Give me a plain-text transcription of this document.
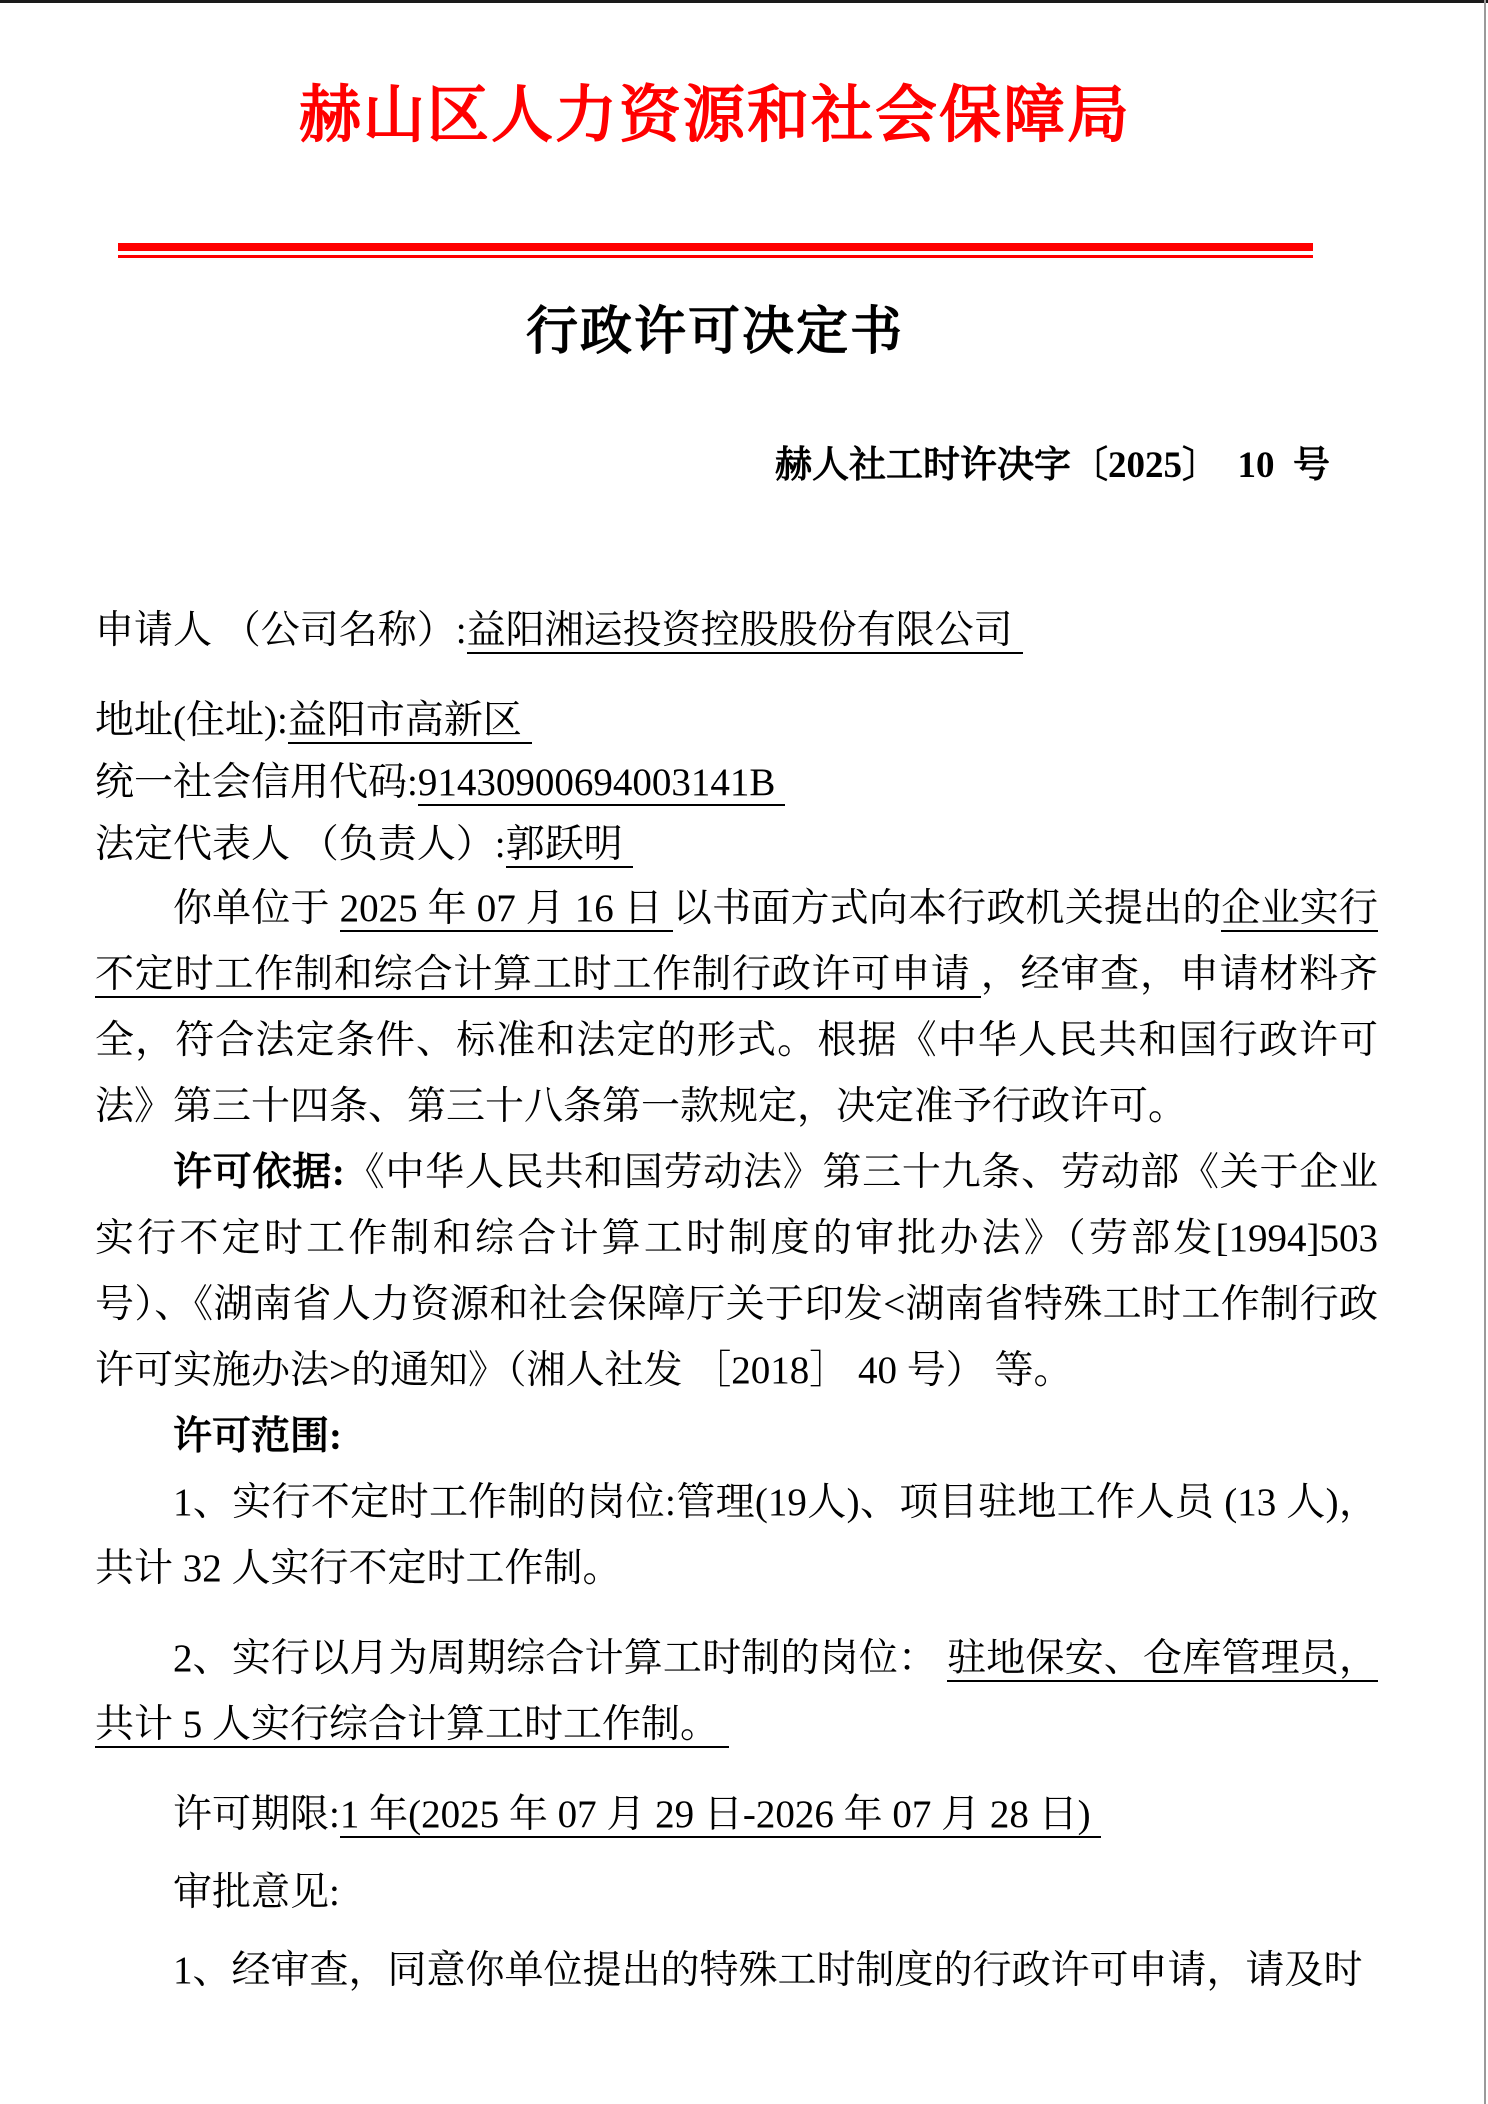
赫山区人力资源和社会保障局
行政许可决定书
赫人社工时许决字〔2025〕  10  号

申请人 （公司名称）:益阳湘运投资控股股份有限公司

地址(住址):益阳市高新区

统一社会信用代码:91430900694003141B

法定代表人 （负责人）:郭跃明

你单位于 2025 年 07 月 16 日 以书面方式向本行政机关提出的企业实行不定时工作制和综合计算工时工作制行政许可申请 ，经审查，申请材料齐全，符合法定条件、标准和法定的形式。根据《中华人民共和国行政许可法》第三十四条、第三十八条第一款规定，决定准予行政许可。

许可依据:《中华人民共和国劳动法》第三十九条、劳动部《关于企业实行不定时工作制和综合计算工时制度的审批办法》（劳部发[1994]503 号）、《湖南省人力资源和社会保障厅关于印发<湖南省特殊工时工作制行政许可实施办法>的通知》（湘人社发 ［2018］ 40 号） 等。

许可范围:

1、实行不定时工作制的岗位:管理(19人)、项目驻地工作人员 (13 人)，共计 32 人实行不定时工作制。

2、实行以月为周期综合计算工时制的岗位： 驻地保安、仓库管理员，共计 5 人实行综合计算工时工作制。

许可期限:1 年(2025 年 07 月 29 日-2026 年 07 月 28 日)

审批意见:

1、经审查，同意你单位提出的特殊工时制度的行政许可申请，请及时
